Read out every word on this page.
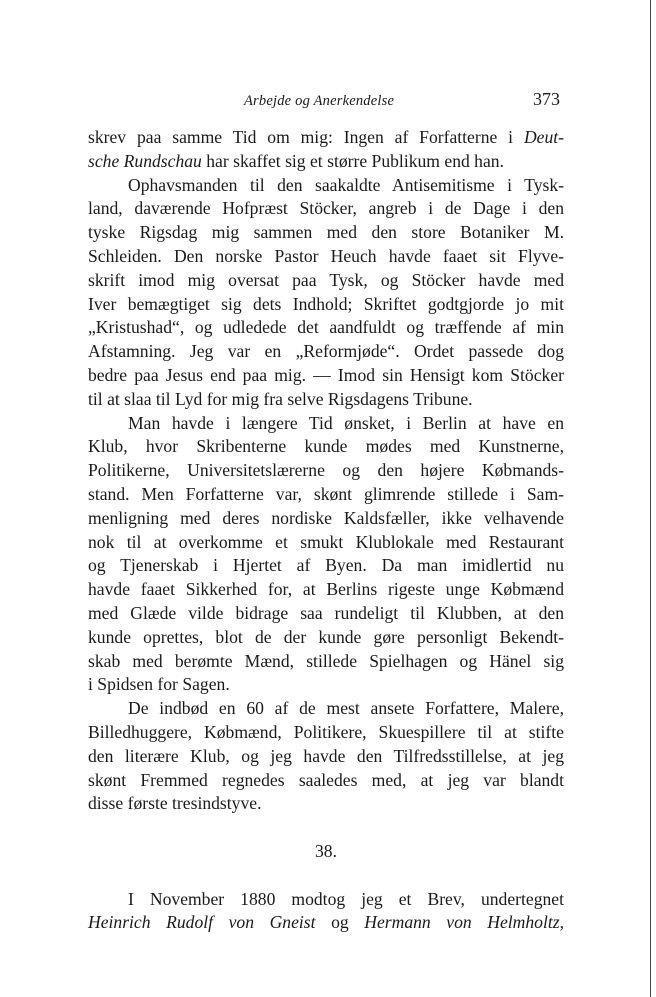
Arbejde og Anerkendelse	373
skrev paa samme Tid om mig: Ingen af Forfatterne i Deut-
sche Rundschau har skaffet sig et større Publikum end han.
Ophavsmanden til den saakaldte Antisemitisme i Tysk-
land, daværende Hofpræst Stöcker, angreb i de Dage i den
tyske Rigsdag mig sammen med den store Botaniker M.
Schleiden. Den norske Pastor Heuch havde faaet sit Flyve-
skrift imod mig oversat paa Tysk, og Stöcker havde med
Iver bemægtiget sig dets Indhold; Skriftet godtgjorde jo mit
„Kristushad“, og udledede det aandfuldt og træffende af min
Afstamning. Jeg var en „Reformjøde“. Ordet passede dog
bedre paa Jesus end paa mig. — Imod sin Hensigt kom Stöcker
til at slaa til Lyd for mig fra selve Rigsdagens Tribune.
Man havde i længere Tid ønsket, i Berlin at have en
Klub, hvor Skribenterne kunde mødes med Kunstnerne,
Politikerne, Universitetslærerne og den højere Købmands-
stand. Men Forfatterne var, skønt glimrende stillede i Sam-
menligning med deres nordiske Kaldsfæller, ikke velhavende
nok til at overkomme et smukt Klublokale med Restaurant
og Tjenerskab i Hjertet af Byen. Da man imidlertid nu
havde faaet Sikkerhed for, at Berlins rigeste unge Købmænd
med Glæde vilde bidrage saa rundeligt til Klubben, at den
kunde oprettes, blot de der kunde gøre personligt Bekendt-
skab med berømte Mænd, stillede Spielhagen og Hänel sig
i Spidsen for Sagen.
De indbød en 60 af de mest ansete Forfattere, Malere,
Billedhuggere, Købmænd, Politikere, Skuespillere til at stifte
den literære Klub, og jeg havde den Tilfredsstillelse, at jeg
skønt Fremmed regnedes saaledes med, at jeg var blandt
disse første tresindstyve.
38.
I November 1880 modtog jeg et Brev, undertegnet
Heinrich Rudolf von Gneist og Hermann von Helmholtz,
